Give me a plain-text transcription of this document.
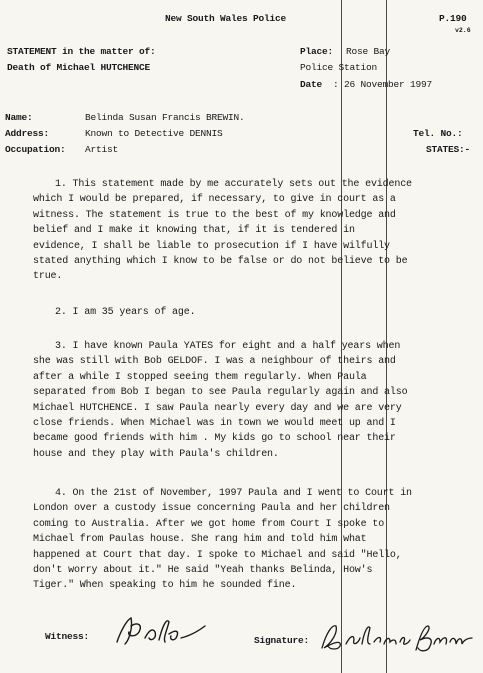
New South Wales Police	P.190
v2.6
STATEMENT in the matter of:
Death of Michael HUTCHENCE
Place: Rose Bay
Police Station
Date : 26 November 1997
Name:	Belinda Susan Francis BREWIN.
Address:	Known to Detective DENNIS
Occupation: Artist
Tel. No.:
STATES:-
1. This statement made by me accurately sets out the evidence
which I would be prepared, if necessary, to give in court as a
witness. The statement is true to the best of my knowledge and
belief and I make it knowing that, if it is tendered in
evidence, I shall be liable to prosecution if I have wilfully
stated anything which I know to be false or do not believe to be
true.
2. I am 35 years of age.
3. I have known Paula YATES for eight and a half years when
she was still with Bob GELDOF. I was a neighbour of theirs and
after a while I stopped seeing them regularly. When Paula
separated from Bob I began to see Paula regularly again and also
Michael HUTCHENCE. I saw Paula nearly every day and we are very
close friends. When Michael was in town we would meet up and I
became good friends with him . My kids go to school near their
house and they play with Paula's children.
4. On the 21st of November, 1997 Paula and I went to Court in
London over a custody issue concerning Paula and her children
coming to Australia. After we got home from Court I spoke to
Michael from Paulas house. She rang him and told him what
happened at Court that day. I spoke to Michael and said "Hello,
don't worry about it." He said "Yeah thanks Belinda, How's
Tiger." When speaking to him he sounded fine.
Witness:	Signature:
